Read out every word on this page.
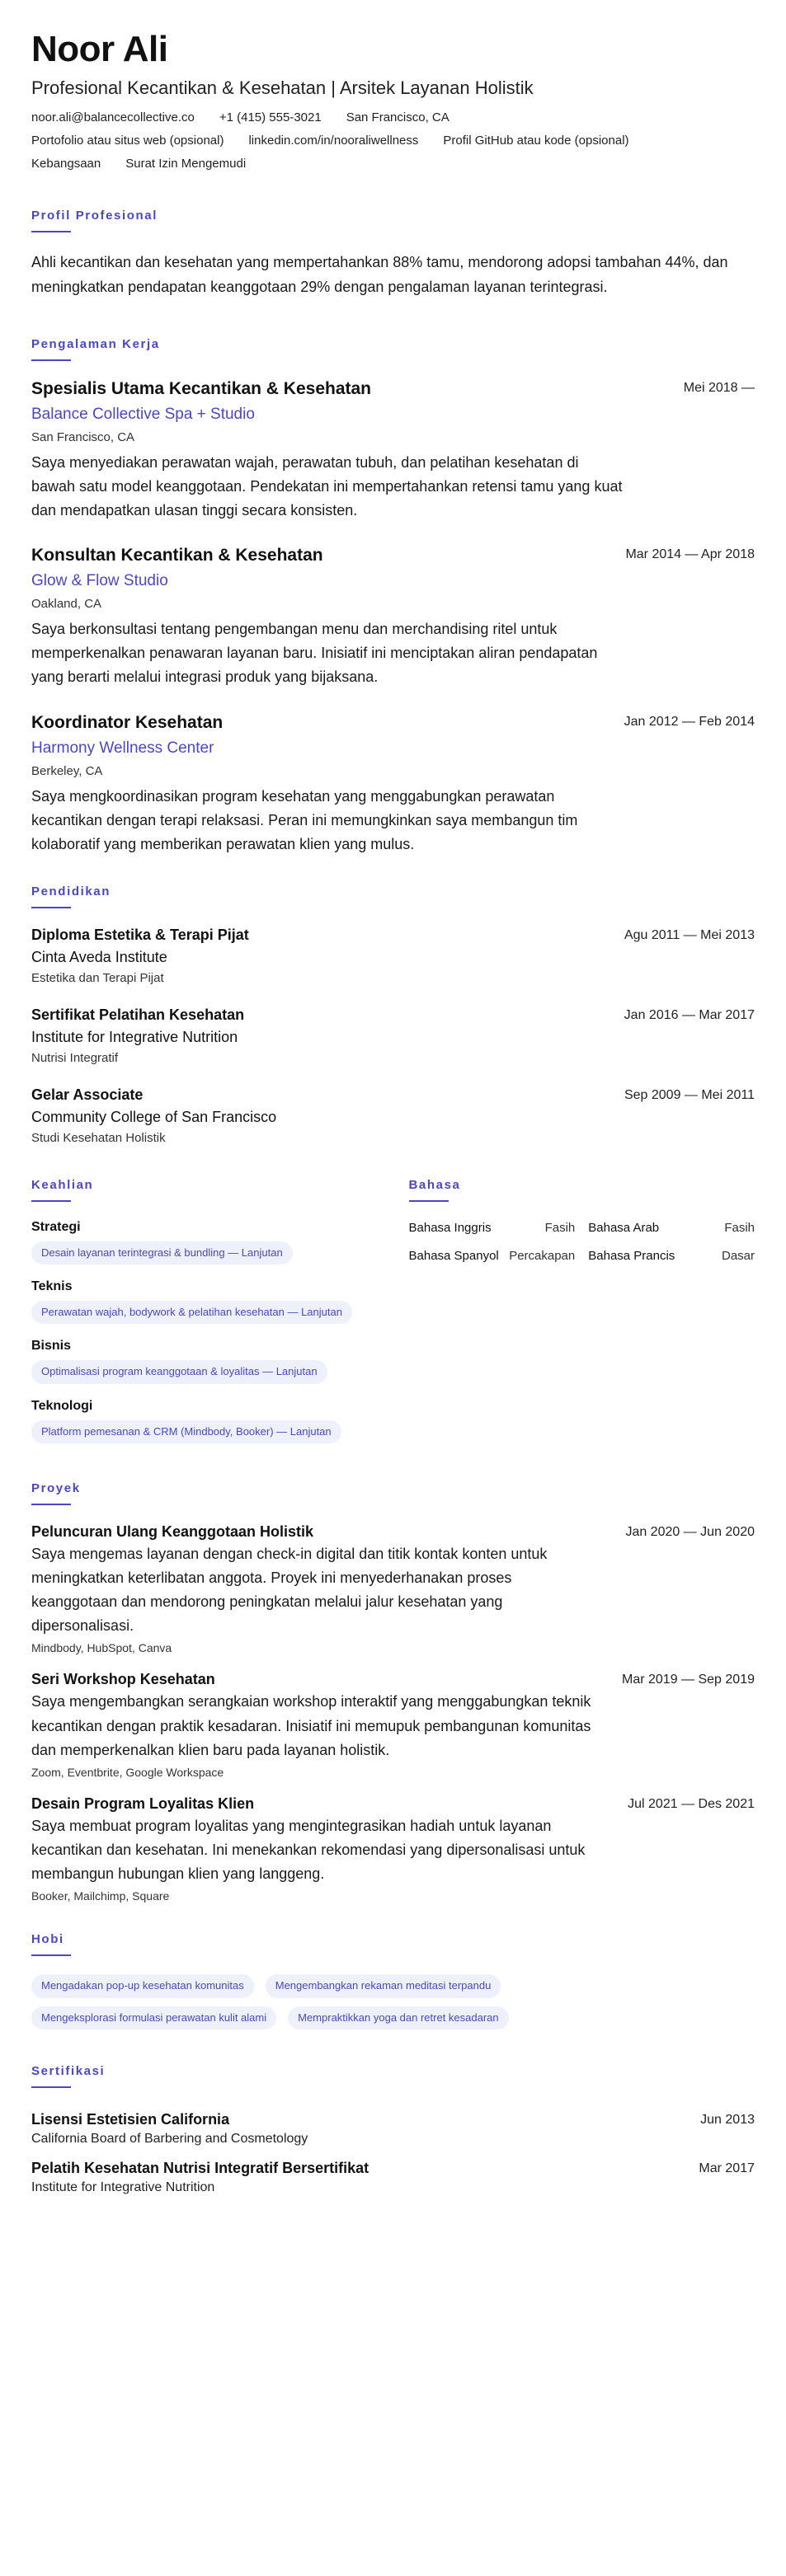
Noor Ali
Profesional Kecantikan & Kesehatan | Arsitek Layanan Holistik
noor.ali@balancecollective.co +1 (415) 555-3021 San Francisco, CA
Portofolio atau situs web (opsional) linkedin.com/in/nooraliwellness Profil GitHub atau kode (opsional)
Kebangsaan Surat Izin Mengemudi
Profil Profesional

Ahli kecantikan dan kesehatan yang mempertahankan 88% tamu, mendorong adopsi tambahan 44%, dan meningkatkan pendapatan keanggotaan 29% dengan pengalaman layanan terintegrasi.

Pengalaman Kerja
Mei 2018 —
Spesialis Utama Kecantikan & Kesehatan
Balance Collective Spa + Studio
San Francisco, CA

Saya menyediakan perawatan wajah, perawatan tubuh, dan pelatihan kesehatan di bawah satu model keanggotaan. Pendekatan ini mempertahankan retensi tamu yang kuat dan mendapatkan ulasan tinggi secara konsisten.

Mar 2014 — Apr 2018
Konsultan Kecantikan & Kesehatan
Glow & Flow Studio
Oakland, CA

Saya berkonsultasi tentang pengembangan menu dan merchandising ritel untuk memperkenalkan penawaran layanan baru. Inisiatif ini menciptakan aliran pendapatan yang berarti melalui integrasi produk yang bijaksana.

Jan 2012 — Feb 2014
Koordinator Kesehatan
Harmony Wellness Center
Berkeley, CA

Saya mengkoordinasikan program kesehatan yang menggabungkan perawatan kecantikan dengan terapi relaksasi. Peran ini memungkinkan saya membangun tim kolaboratif yang memberikan perawatan klien yang mulus.

Pendidikan
Agu 2011 — Mei 2013
Diploma Estetika & Terapi Pijat
Cinta Aveda Institute
Estetika dan Terapi Pijat
Jan 2016 — Mar 2017
Sertifikat Pelatihan Kesehatan
Institute for Integrative Nutrition
Nutrisi Integratif
Sep 2009 — Mei 2011
Gelar Associate
Community College of San Francisco
Studi Kesehatan Holistik
Keahlian
Strategi
Desain layanan terintegrasi & bundling — Lanjutan
Teknis
Perawatan wajah, bodywork & pelatihan kesehatan — Lanjutan
Bisnis
Optimalisasi program keanggotaan & loyalitas — Lanjutan
Teknologi
Platform pemesanan & CRM (Mindbody, Booker) — Lanjutan
Bahasa
Bahasa Inggris	Fasih Bahasa Arab	Fasih
Bahasa Spanyol Percakapan Bahasa Prancis	Dasar
Proyek
Jan 2020 — Jun 2020
Peluncuran Ulang Keanggotaan Holistik

Saya mengemas layanan dengan check-in digital dan titik kontak konten untuk meningkatkan keterlibatan anggota. Proyek ini menyederhanakan proses keanggotaan dan mendorong peningkatan melalui jalur kesehatan yang dipersonalisasi.

Mindbody, HubSpot, Canva
Mar 2019 — Sep 2019
Seri Workshop Kesehatan

Saya mengembangkan serangkaian workshop interaktif yang menggabungkan teknik kecantikan dengan praktik kesadaran. Inisiatif ini memupuk pembangunan komunitas dan memperkenalkan klien baru pada layanan holistik.

Zoom, Eventbrite, Google Workspace
Jul 2021 — Des 2021
Desain Program Loyalitas Klien

Saya membuat program loyalitas yang mengintegrasikan hadiah untuk layanan kecantikan dan kesehatan. Ini menekankan rekomendasi yang dipersonalisasi untuk membangun hubungan klien yang langgeng.

Booker, Mailchimp, Square
Hobi
Mengadakan pop-up kesehatan komunitas	Mengembangkan rekaman meditasi terpandu
Mengeksplorasi formulasi perawatan kulit alami	Mempraktikkan yoga dan retret kesadaran
Sertifikasi
Jun 2013
Lisensi Estetisien California
California Board of Barbering and Cosmetology
Mar 2017
Pelatih Kesehatan Nutrisi Integratif Bersertifikat
Institute for Integrative Nutrition
